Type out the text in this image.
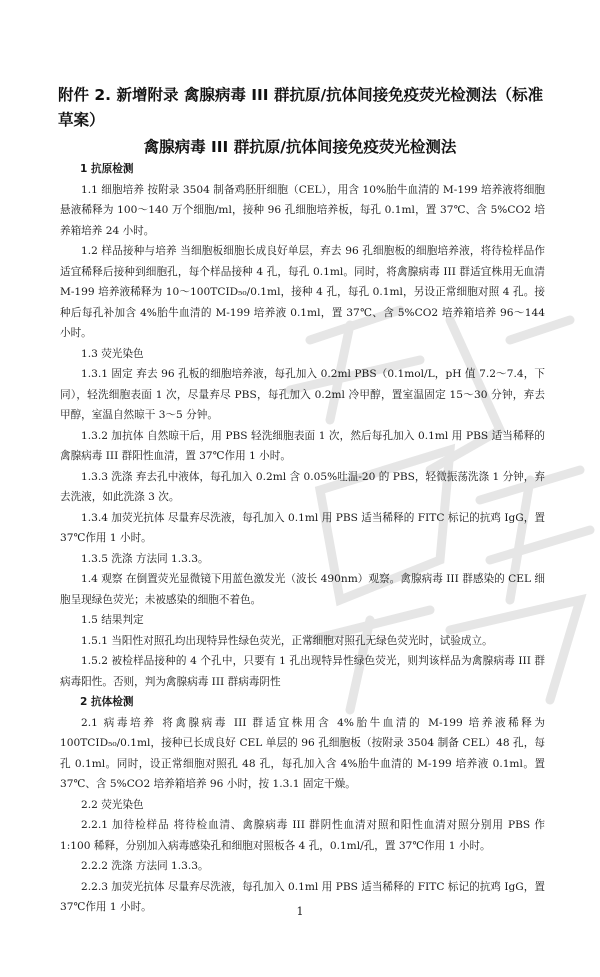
附件 2. 新增附录 禽腺病毒 III 群抗原/抗体间接免疫荧光检测法（标准草案）
禽腺病毒 III 群抗原/抗体间接免疫荧光检测法

1 抗原检测

1.1 细胞培养 按附录 3504 制备鸡胚肝细胞（CEL），用含 10%胎牛血清的 M-199 培养液将细胞悬液稀释为 100～140 万个细胞/ml，接种 96 孔细胞培养板，每孔 0.1ml，置 37℃、含 5%CO2 培养箱培养 24 小时。

1.2 样品接种与培养 当细胞板细胞长成良好单层，弃去 96 孔细胞板的细胞培养液，将待检样品作适宜稀释后接种到细胞孔，每个样品接种 4 孔，每孔 0.1ml。同时，将禽腺病毒 III 群适宜株用无血清 M-199 培养液稀释为 10～100TCID₅₀/0.1ml，接种 4 孔，每孔 0.1ml，另设正常细胞对照 4 孔。接种后每孔补加含 4%胎牛血清的 M-199 培养液 0.1ml，置 37℃、含 5%CO2 培养箱培养 96～144 小时。

1.3 荧光染色

1.3.1 固定 弃去 96 孔板的细胞培养液，每孔加入 0.2ml PBS（0.1mol/L，pH 值 7.2～7.4，下同），轻洗细胞表面 1 次，尽量弃尽 PBS，每孔加入 0.2ml 冷甲醇，置室温固定 15～30 分钟，弃去甲醇，室温自然晾干 3～5 分钟。

1.3.2 加抗体 自然晾干后，用 PBS 轻洗细胞表面 1 次，然后每孔加入 0.1ml 用 PBS 适当稀释的禽腺病毒 III 群阳性血清，置 37℃作用 1 小时。

1.3.3 洗涤 弃去孔中液体，每孔加入 0.2ml 含 0.05%吐温-20 的 PBS，轻微振荡洗涤 1 分钟，弃去洗液，如此洗涤 3 次。

1.3.4 加荧光抗体 尽量弃尽洗液，每孔加入 0.1ml 用 PBS 适当稀释的 FITC 标记的抗鸡 IgG，置 37℃作用 1 小时。

1.3.5 洗涤 方法同 1.3.3。

1.4 观察 在倒置荧光显微镜下用蓝色激发光（波长 490nm）观察。禽腺病毒 III 群感染的 CEL 细胞呈现绿色荧光；未被感染的细胞不着色。

1.5 结果判定

1.5.1 当阳性对照孔均出现特异性绿色荧光，正常细胞对照孔无绿色荧光时，试验成立。

1.5.2 被检样品接种的 4 个孔中，只要有 1 孔出现特异性绿色荧光，则判该样品为禽腺病毒 III 群病毒阳性。否则，判为禽腺病毒 III 群病毒阴性

2 抗体检测

2.1 病毒培养 将禽腺病毒 III 群适宜株用含 4%胎牛血清的 M-199 培养液稀释为 100TCID₅₀/0.1ml，接种已长成良好 CEL 单层的 96 孔细胞板（按附录 3504 制备 CEL）48 孔，每孔 0.1ml。同时，设正常细胞对照孔 48 孔，每孔加入含 4%胎牛血清的 M-199 培养液 0.1ml。置 37℃、含 5%CO2 培养箱培养 96 小时，按 1.3.1 固定干燥。

2.2 荧光染色

2.2.1 加待检样品 将待检血清、禽腺病毒 III 群阴性血清对照和阳性血清对照分别用 PBS 作 1:100 稀释，分别加入病毒感染孔和细胞对照板各 4 孔，0.1ml/孔，置 37℃作用 1 小时。

2.2.2 洗涤 方法同 1.3.3。

2.2.3 加荧光抗体 尽量弃尽洗液，每孔加入 0.1ml 用 PBS 适当稀释的 FITC 标记的抗鸡 IgG，置 37℃作用 1 小时。	1
